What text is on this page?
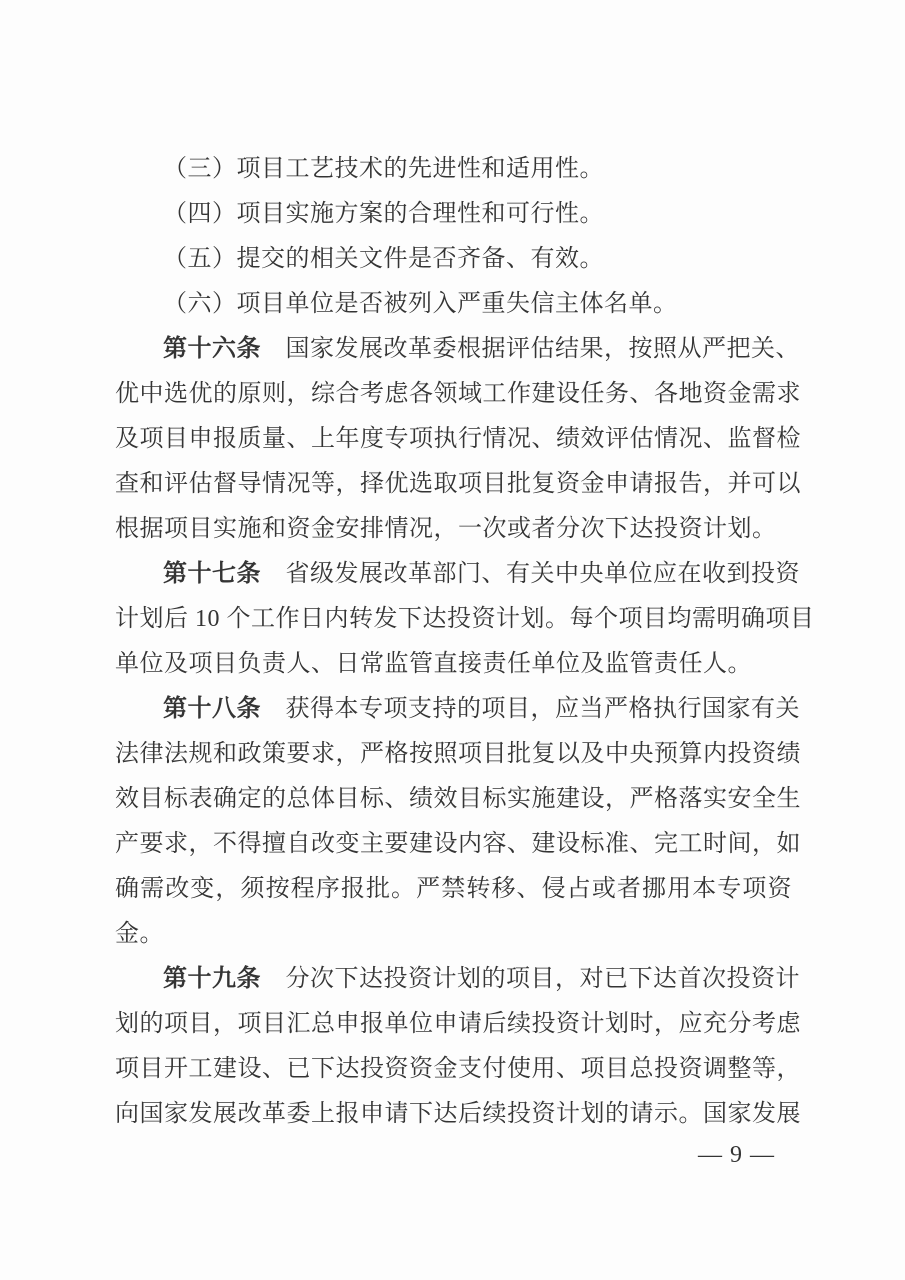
（三）项目工艺技术的先进性和适用性。
（四）项目实施方案的合理性和可行性。
（五）提交的相关文件是否齐备、有效。
（六）项目单位是否被列入严重失信主体名单。
第十六条　国家发展改革委根据评估结果，按照从严把关、
优中选优的原则，综合考虑各领域工作建设任务、各地资金需求
及项目申报质量、上年度专项执行情况、绩效评估情况、监督检
查和评估督导情况等，择优选取项目批复资金申请报告，并可以
根据项目实施和资金安排情况，一次或者分次下达投资计划。
第十七条　省级发展改革部门、有关中央单位应在收到投资
计划后 10 个工作日内转发下达投资计划。每个项目均需明确项目
单位及项目负责人、日常监管直接责任单位及监管责任人。
第十八条　获得本专项支持的项目，应当严格执行国家有关
法律法规和政策要求，严格按照项目批复以及中央预算内投资绩
效目标表确定的总体目标、绩效目标实施建设，严格落实安全生
产要求，不得擅自改变主要建设内容、建设标准、完工时间，如
确需改变，须按程序报批。严禁转移、侵占或者挪用本专项资
金。
第十九条　分次下达投资计划的项目，对已下达首次投资计
划的项目，项目汇总申报单位申请后续投资计划时，应充分考虑
项目开工建设、已下达投资资金支付使用、项目总投资调整等，
向国家发展改革委上报申请下达后续投资计划的请示。国家发展
— 9 —
